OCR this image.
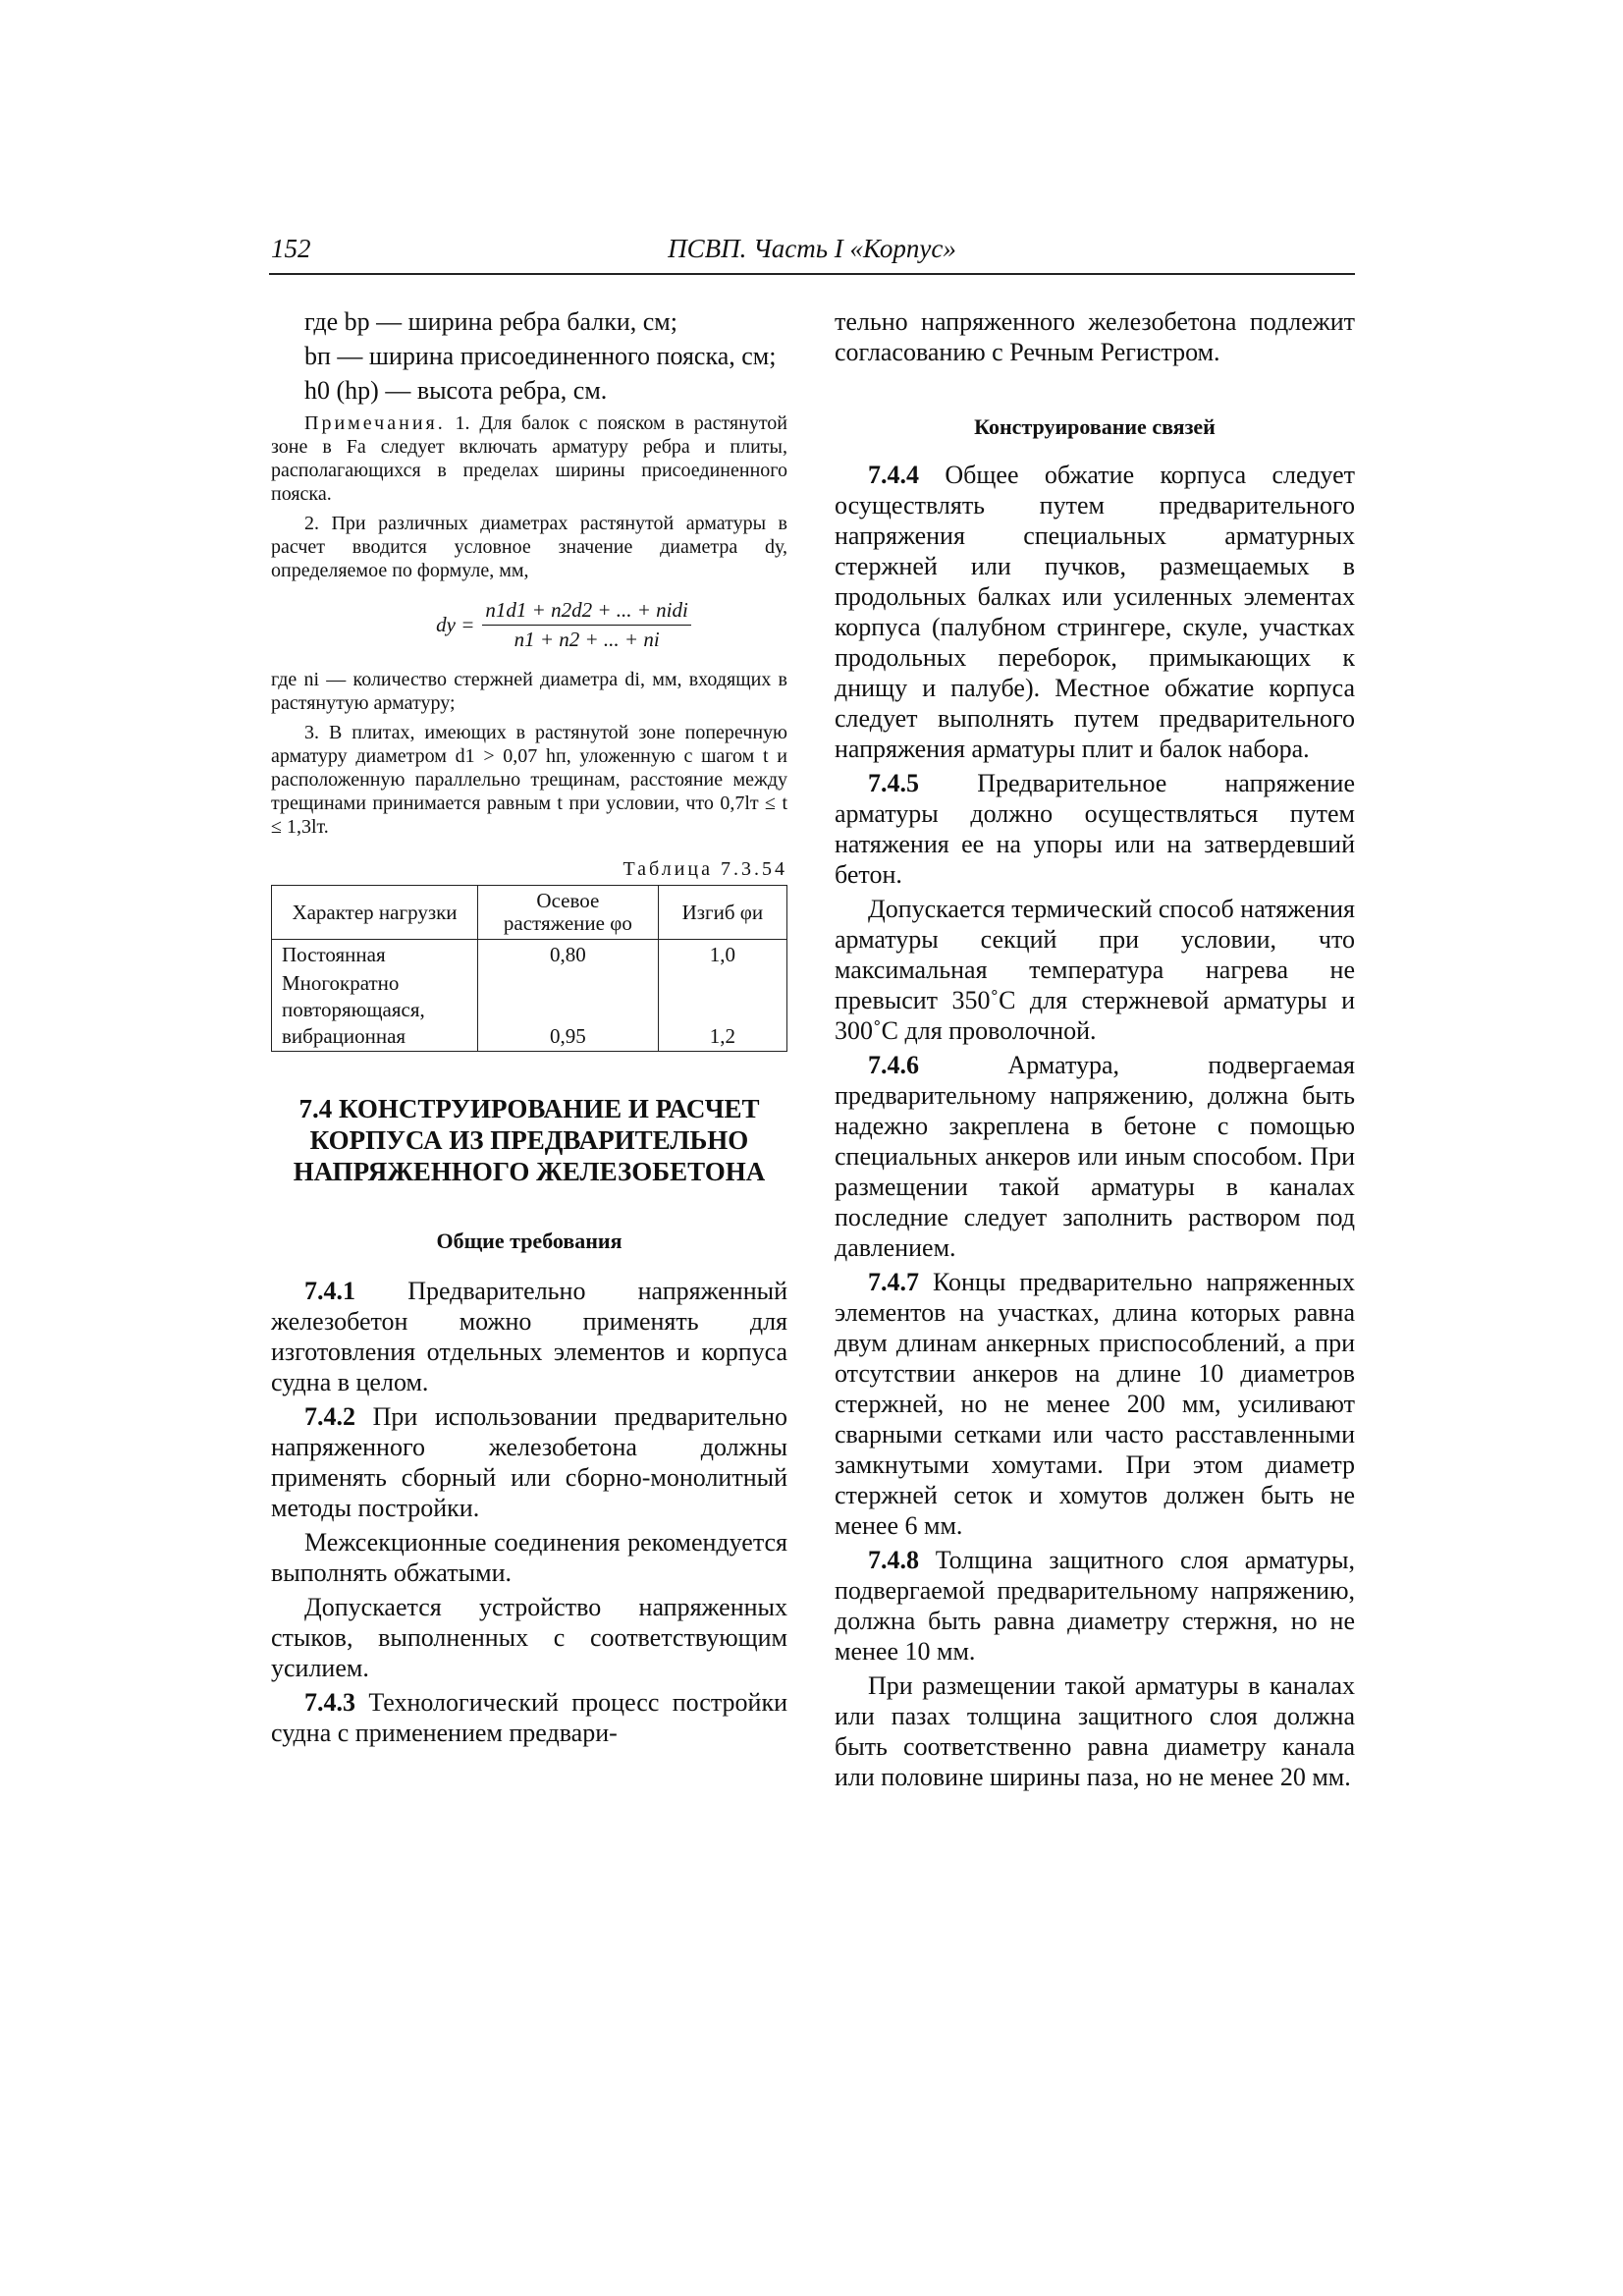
152	ПСВП. Часть I «Корпус»

где bр — ширина ребра балки, см;

bп — ширина присоединенного пояска, см;

h0 (hр) — высота ребра, см.

Примечания. 1. Для балок с пояском в растянутой зоне в Fа следует включать арматуру ребра и плиты, располагающихся в пределах ширины присоединенного пояска.

2. При различных диаметрах растянутой арматуры в расчет вводится условное значение диаметра dу, определяемое по формуле, мм,

dу = $\frac{\text{n1d1 + n2d2 + ... + nidi}}{n1 + n2 + ... + ni}$

где ni — количество стержней диаметра di, мм, входящих в растянутую арматуру;

3. В плитах, имеющих в растянутой зоне поперечную арматуру диаметром d1 > 0,07 hп, уложенную с шагом t и расположенную параллельно трещинам, расстояние между трещинами принимается равным t при условии, что 0,7lт ≤ t ≤ 1,3lт.

Таблица 7.3.54
Характер нагрузки	Осевое растяжение φо	Изгиб φи
Постоянная	0,80	1,0
Многократно повторяющаяся, вибрационная	0,95	1,2
7.4 КОНСТРУИРОВАНИЕ И РАСЧЕТ КОРПУСА ИЗ ПРЕДВАРИТЕЛЬНО НАПРЯЖЕННОГО ЖЕЛЕЗОБЕТОНА
Общие требования

7.4.1 Предварительно напряженный железобетон можно применять для изготовления отдельных элементов и корпуса судна в целом.

7.4.2 При использовании предварительно напряженного железобетона должны применять сборный или сборно-монолитный методы постройки.

Межсекционные соединения рекомендуется выполнять обжатыми.

Допускается устройство напряженных стыков, выполненных с соответствующим усилием.

7.4.3 Технологический процесс постройки судна с применением предвари-

тельно напряженного железобетона подлежит согласованию с Речным Регистром.

Конструирование связей

7.4.4 Общее обжатие корпуса следует осуществлять путем предварительного напряжения специальных арматурных стержней или пучков, размещаемых в продольных балках или усиленных элементах корпуса (палубном стрингере, скуле, участках продольных переборок, примыкающих к днищу и палубе). Местное обжатие корпуса следует выполнять путем предварительного напряжения арматуры плит и балок набора.

7.4.5 Предварительное напряжение арматуры должно осуществляться путем натяжения ее на упоры или на затвердевший бетон.

Допускается термический способ натяжения арматуры секций при условии, что максимальная температура нагрева не превысит 350˚С для стержневой арматуры и 300˚С для проволочной.

7.4.6	Арматура, подвергаемая предварительному напряжению, должна быть надежно закреплена в бетоне с помощью специальных анкеров или иным способом. При размещении такой арматуры в каналах последние следует заполнить раствором под давлением.

7.4.7 Концы предварительно напряженных элементов на участках, длина которых равна двум длинам анкерных приспособлений, а при отсутствии анкеров на длине 10 диаметров стержней, но не менее 200 мм, усиливают сварными сетками или часто расставленными замкнутыми хомутами. При этом диаметр стержней сеток и хомутов должен быть не менее 6 мм.

7.4.8 Толщина защитного слоя арматуры, подвергаемой предварительному напряжению, должна быть равна диаметру стержня, но не менее 10 мм.

При размещении такой арматуры в каналах или пазах толщина защитного слоя должна быть соответственно равна диаметру канала или половине ширины паза, но не менее 20 мм.
